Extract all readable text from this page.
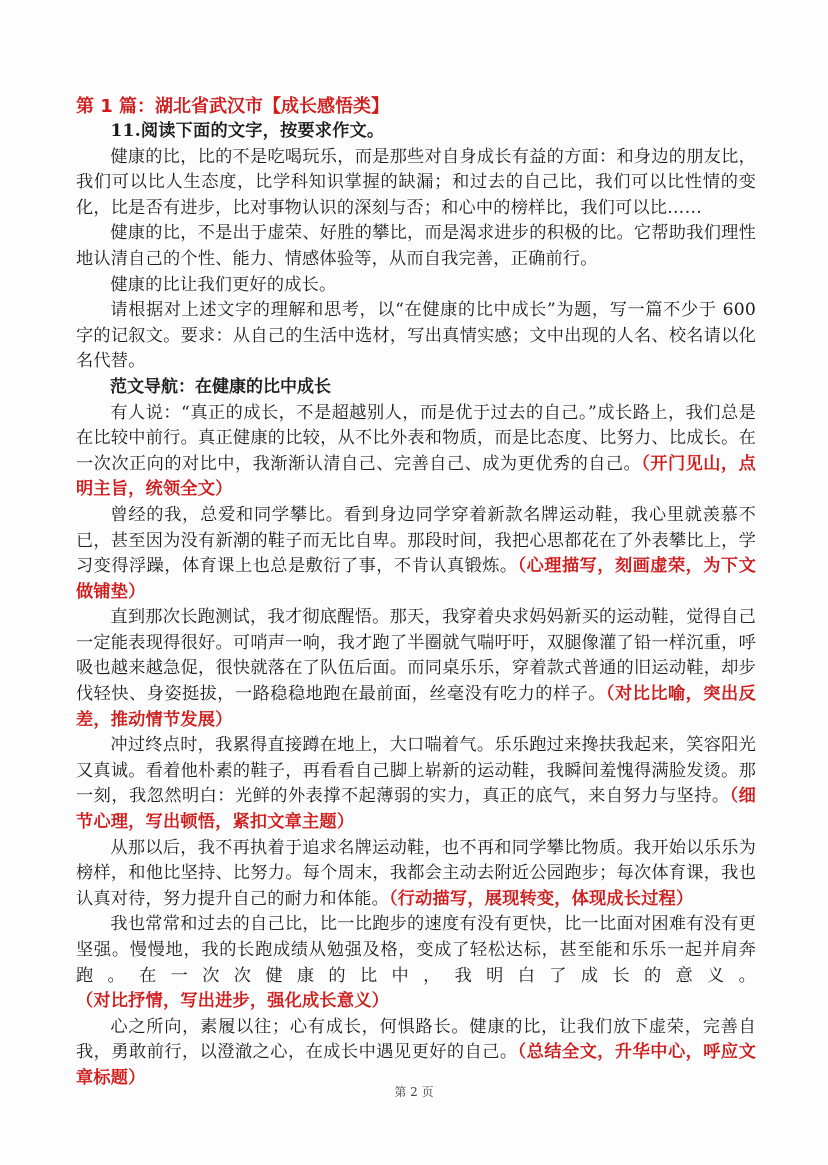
第 1 篇：湖北省武汉市【成长感悟类】

11.阅读下面的文字，按要求作文。

健康的比，比的不是吃喝玩乐，而是那些对自身成长有益的方面：和身边的朋友比，我们可以比人生态度，比学科知识掌握的缺漏；和过去的自己比，我们可以比性情的变化，比是否有进步，比对事物认识的深刻与否；和心中的榜样比，我们可以比……

健康的比，不是出于虚荣、好胜的攀比，而是渴求进步的积极的比。它帮助我们理性地认清自己的个性、能力、情感体验等，从而自我完善，正确前行。

健康的比让我们更好的成长。

请根据对上述文字的理解和思考，以“在健康的比中成长”为题，写一篇不少于 600 字的记叙文。要求：从自己的生活中选材，写出真情实感；文中出现的人名、校名请以化名代替。

范文导航：在健康的比中成长

有人说：“真正的成长，不是超越别人，而是优于过去的自己。”成长路上，我们总是在比较中前行。真正健康的比较，从不比外表和物质，而是比态度、比努力、比成长。在一次次正向的对比中，我渐渐认清自己、完善自己、成为更优秀的自己。（开门见山，点明主旨，统领全文）

曾经的我，总爱和同学攀比。看到身边同学穿着新款名牌运动鞋，我心里就羡慕不已，甚至因为没有新潮的鞋子而无比自卑。那段时间，我把心思都花在了外表攀比上，学习变得浮躁，体育课上也总是敷衍了事，不肯认真锻炼。（心理描写，刻画虚荣，为下文做铺垫）

直到那次长跑测试，我才彻底醒悟。那天，我穿着央求妈妈新买的运动鞋，觉得自己一定能表现得很好。可哨声一响，我才跑了半圈就气喘吁吁，双腿像灌了铅一样沉重，呼吸也越来越急促，很快就落在了队伍后面。而同桌乐乐，穿着款式普通的旧运动鞋，却步伐轻快、身姿挺拔，一路稳稳地跑在最前面，丝毫没有吃力的样子。（对比比喻，突出反差，推动情节发展）

冲过终点时，我累得直接蹲在地上，大口喘着气。乐乐跑过来搀扶我起来，笑容阳光又真诚。看着他朴素的鞋子，再看看自己脚上崭新的运动鞋，我瞬间羞愧得满脸发烫。那一刻，我忽然明白：光鲜的外表撑不起薄弱的实力，真正的底气，来自努力与坚持。（细节心理，写出顿悟，紧扣文章主题）

从那以后，我不再执着于追求名牌运动鞋，也不再和同学攀比物质。我开始以乐乐为榜样，和他比坚持、比努力。每个周末，我都会主动去附近公园跑步；每次体育课，我也认真对待，努力提升自己的耐力和体能。（行动描写，展现转变，体现成长过程）

我也常常和过去的自己比，比一比跑步的速度有没有更快，比一比面对困难有没有更坚强。慢慢地，我的长跑成绩从勉强及格，变成了轻松达标，甚至能和乐乐一起并肩奔跑。在一次次健康的比中，我明白了成长的意义。（对比抒情，写出进步，强化成长意义）

心之所向，素履以往；心有成长，何惧路长。健康的比，让我们放下虚荣，完善自我，勇敢前行，以澄澈之心，在成长中遇见更好的自己。（总结全文，升华中心，呼应文章标题）

第 2 页
